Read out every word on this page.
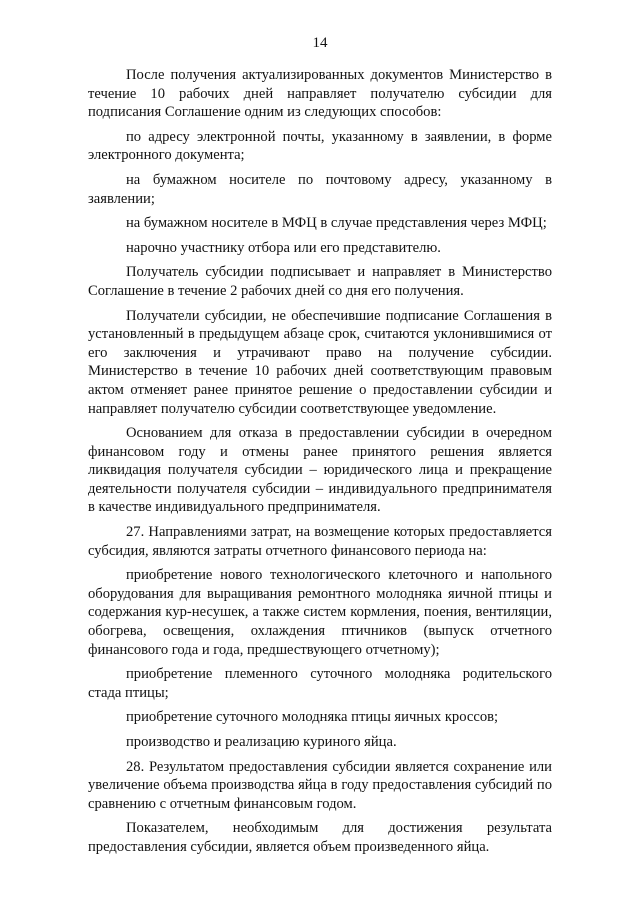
14

После получения актуализированных документов Министерство в течение 10 рабочих дней направляет получателю субсидии для подписания Соглашение одним из следующих способов:

по адресу электронной почты, указанному в заявлении, в форме электронного документа;

на бумажном носителе по почтовому адресу, указанному в заявлении;

на бумажном носителе в МФЦ в случае представления через МФЦ;

нарочно участнику отбора или его представителю.

Получатель субсидии подписывает и направляет в Министерство Соглашение в течение 2 рабочих дней со дня его получения.

Получатели субсидии, не обеспечившие подписание Соглашения в установленный в предыдущем абзаце срок, считаются уклонившимися от его заключения и утрачивают право на получение субсидии. Министерство в течение 10 рабочих дней соответствующим правовым актом отменяет ранее принятое решение о предоставлении субсидии и направляет получателю субсидии соответствующее уведомление.

Основанием для отказа в предоставлении субсидии в очередном финансовом году и отмены ранее принятого решения является ликвидация получателя субсидии – юридического лица и прекращение деятельности получателя субсидии – индивидуального предпринимателя в качестве индивидуального предпринимателя.

27. Направлениями затрат, на возмещение которых предоставляется субсидия, являются затраты отчетного финансового периода на:

приобретение нового технологического клеточного и напольного оборудования для выращивания ремонтного молодняка яичной птицы и содержания кур-несушек, а также систем кормления, поения, вентиляции, обогрева, освещения, охлаждения птичников (выпуск отчетного финансового года и года, предшествующего отчетному);

приобретение племенного суточного молодняка родительского стада птицы;

приобретение суточного молодняка птицы яичных кроссов;

производство и реализацию куриного яйца.

28. Результатом предоставления субсидии является сохранение или увеличение объема производства яйца в году предоставления субсидий по сравнению с отчетным финансовым годом.

Показателем, необходимым для достижения результата предоставления субсидии, является объем произведенного яйца.
